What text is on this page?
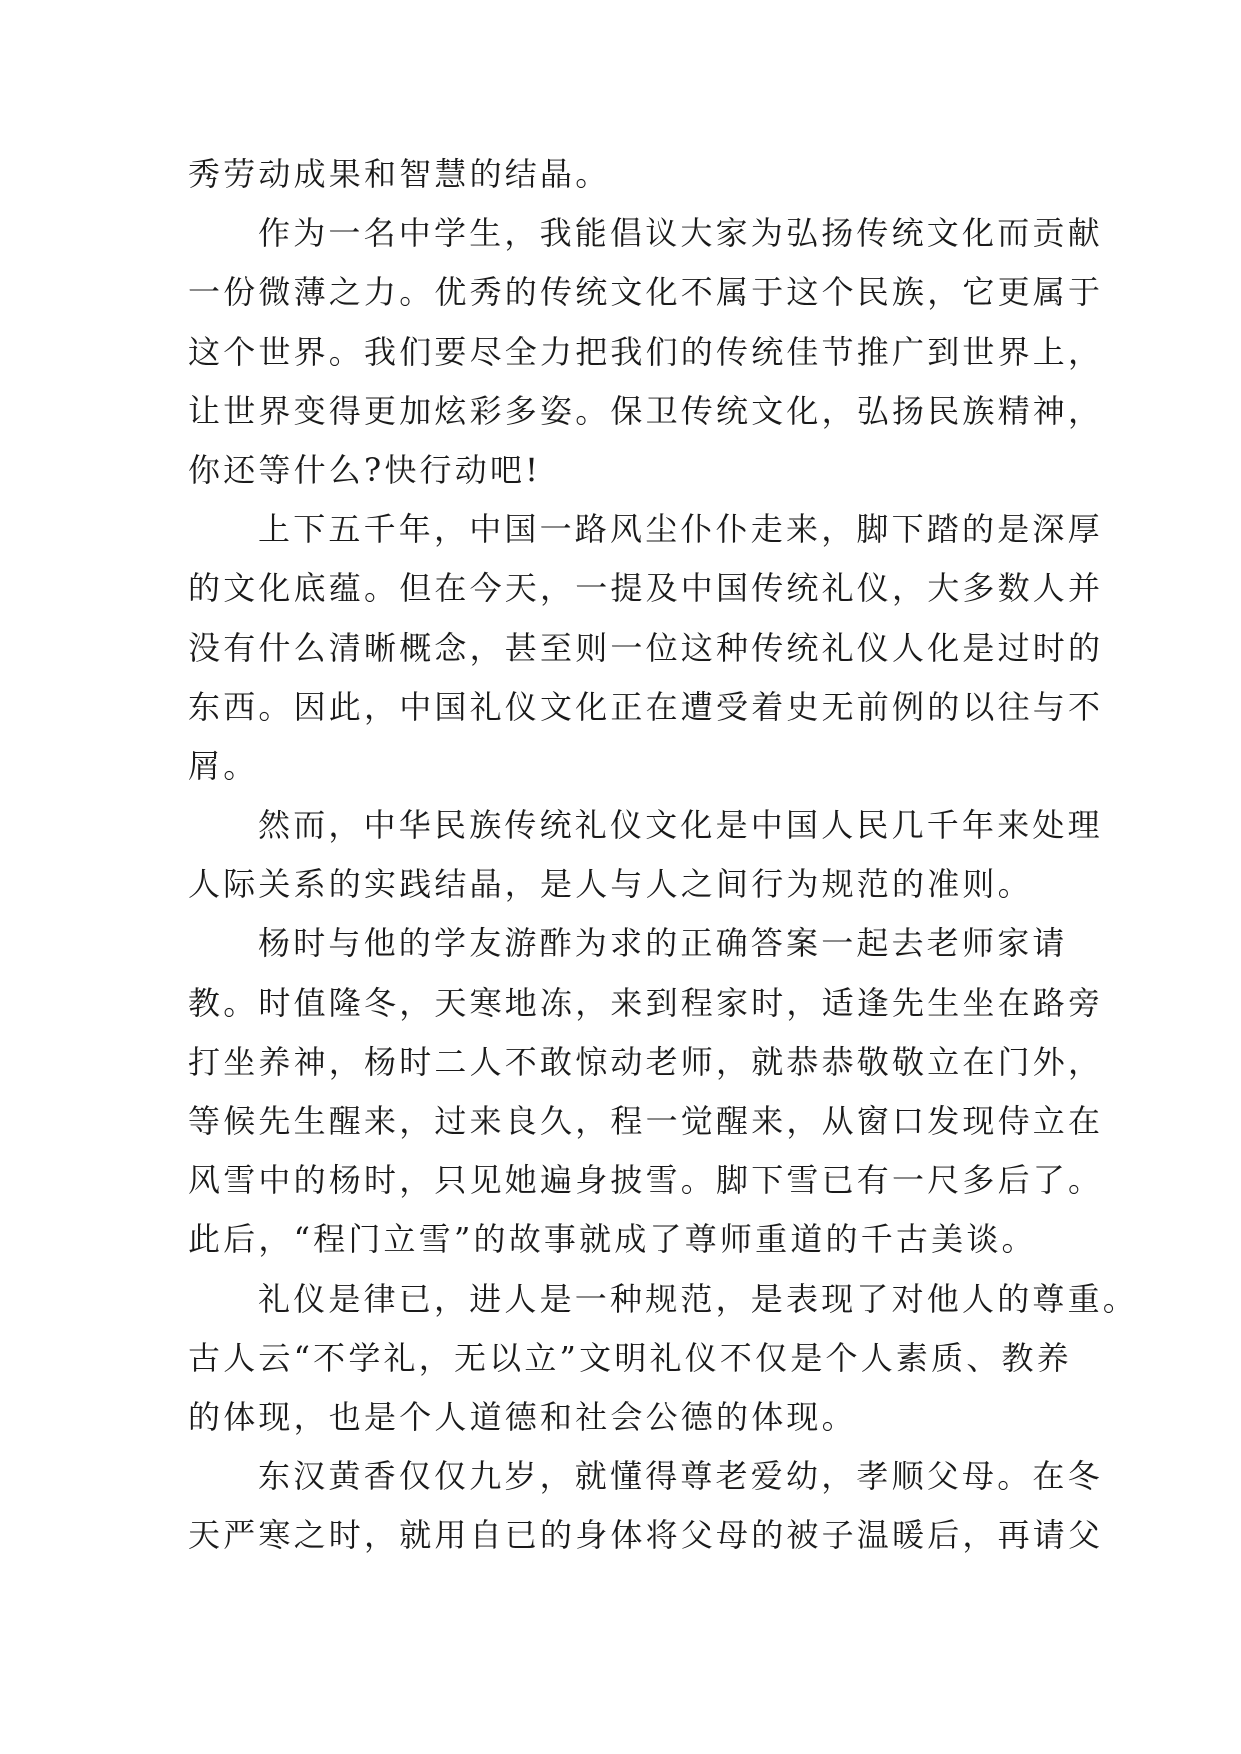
秀劳动成果和智慧的结晶。
作为一名中学生，我能倡议大家为弘扬传统文化而贡献
一份微薄之力。优秀的传统文化不属于这个民族，它更属于
这个世界。我们要尽全力把我们的传统佳节推广到世界上，
让世界变得更加炫彩多姿。保卫传统文化，弘扬民族精神，
你还等什么?快行动吧!
上下五千年，中国一路风尘仆仆走来，脚下踏的是深厚
的文化底蕴。但在今天，一提及中国传统礼仪，大多数人并
没有什么清晰概念，甚至则一位这种传统礼仪人化是过时的
东西。因此，中国礼仪文化正在遭受着史无前例的以往与不
屑。
然而，中华民族传统礼仪文化是中国人民几千年来处理
人际关系的实践结晶，是人与人之间行为规范的准则。
杨时与他的学友游酢为求的正确答案一起去老师家请
教。时值隆冬，天寒地冻，来到程家时，适逢先生坐在路旁
打坐养神，杨时二人不敢惊动老师，就恭恭敬敬立在门外，
等候先生醒来，过来良久，程一觉醒来，从窗口发现侍立在
风雪中的杨时，只见她遍身披雪。脚下雪已有一尺多后了。
此后，“程门立雪”的故事就成了尊师重道的千古美谈。
礼仪是律已，进人是一种规范，是表现了对他人的尊重。
古人云“不学礼，无以立”文明礼仪不仅是个人素质、教养
的体现，也是个人道德和社会公德的体现。
东汉黄香仅仅九岁，就懂得尊老爱幼，孝顺父母。在冬
天严寒之时，就用自已的身体将父母的被子温暖后，再请父
